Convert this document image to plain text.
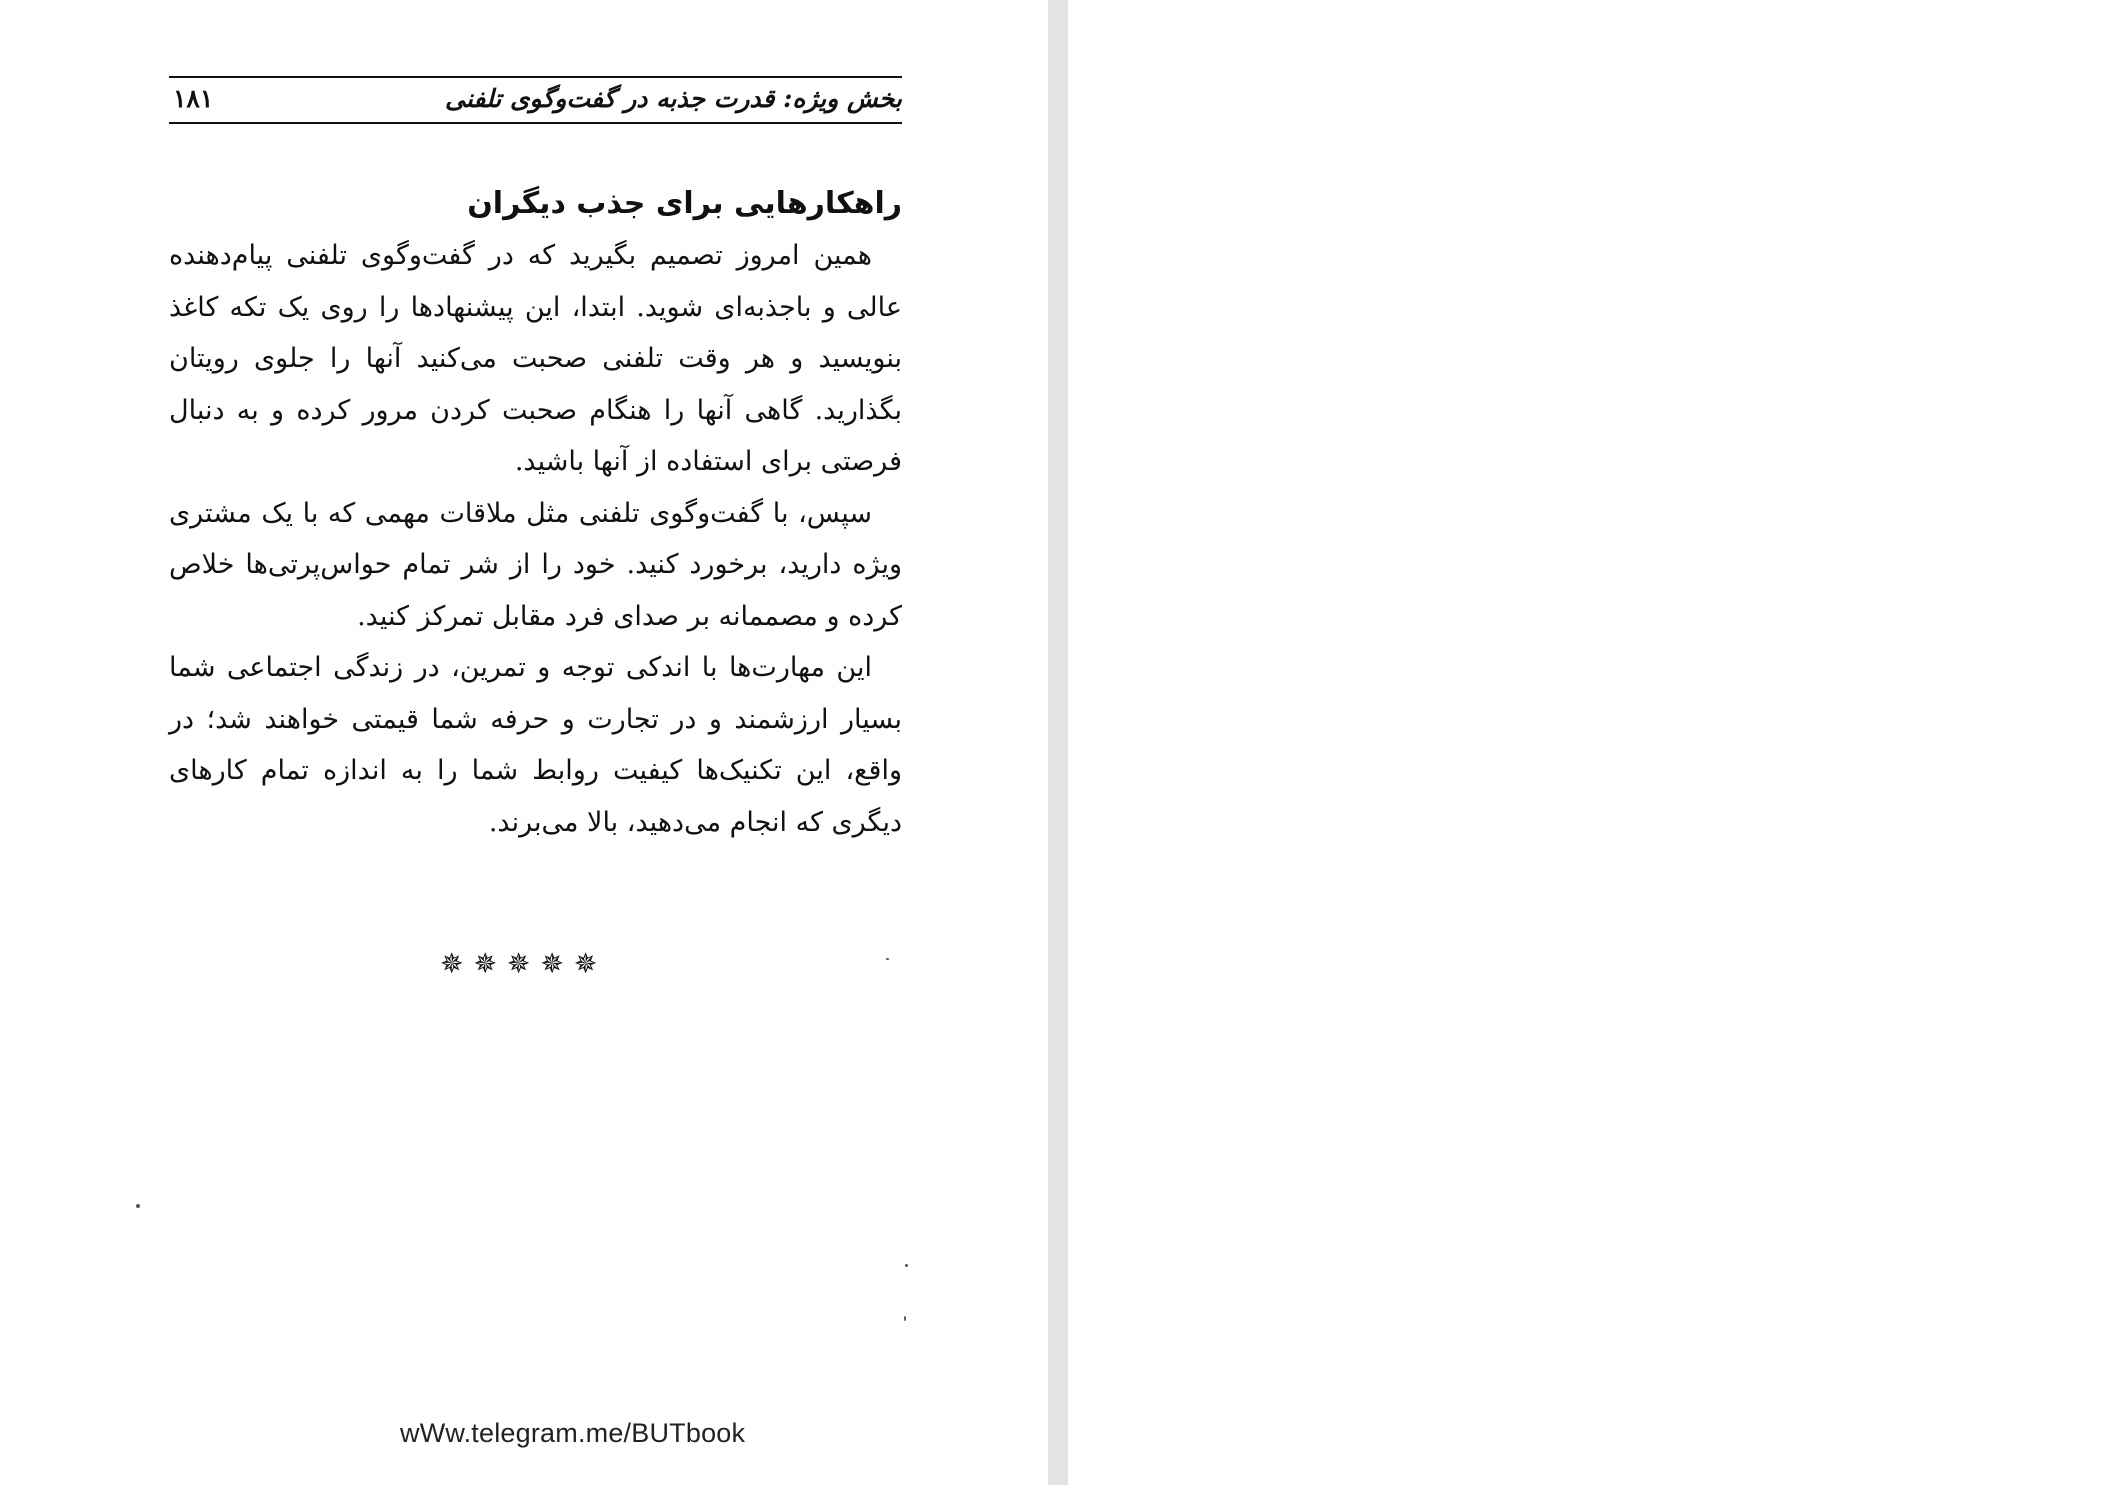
بخش ویژه: قدرت جذبه در گفت‌وگوی تلفنی
۱۸۱
راهکارهایی برای جذب دیگران

همین امروز تصمیم بگیرید که در گفت‌وگوی تلفنی پیام‌دهنده عالی و باجذبه‌ای شوید. ابتدا، این پیشنهادها را روی یک تکه کاغذ بنویسید و هر وقت تلفنی صحبت می‌کنید آنها را جلوی رویتان بگذارید. گاهی آنها را هنگام صحبت کردن مرور کرده و به دنبال فرصتی برای استفاده از آنها باشید.

سپس، با گفت‌وگوی تلفنی مثل ملاقات مهمی که با یک مشتری ویژه دارید، برخورد کنید. خود را از شر تمام حواس‌پرتی‌ها خلاص کرده و مصممانه بر صدای فرد مقابل تمرکز کنید.

این مهارت‌ها با اندکی توجه و تمرین، در زندگی اجتماعی شما بسیار ارزشمند و در تجارت و حرفه شما قیمتی خواهند شد؛ در واقع، این تکنیک‌ها کیفیت روابط شما را به اندازه تمام کارهای دیگری که انجام می‌دهید، بالا می‌برند.

✵✵✵✵✵
wWw.telegram.me/BUTbook
